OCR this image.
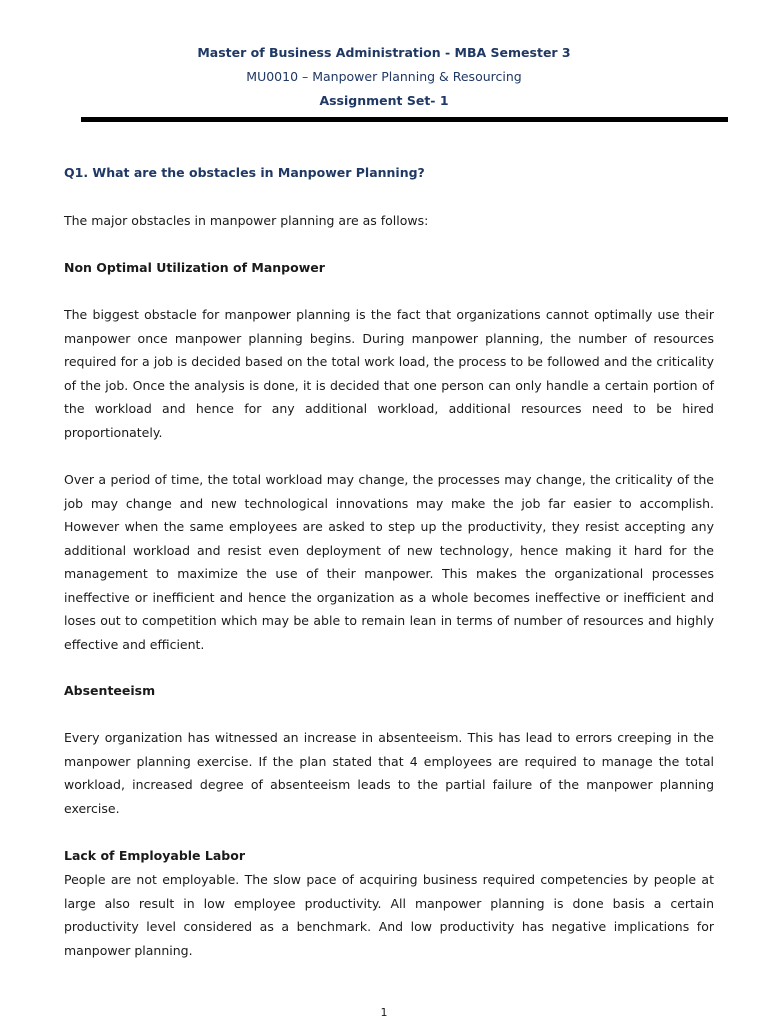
Master of Business Administration - MBA Semester 3
MU0010 – Manpower Planning & Resourcing
Assignment Set- 1
Q1. What are the obstacles in Manpower Planning?
The major obstacles in manpower planning are as follows:
Non Optimal Utilization of Manpower
The biggest obstacle for manpower planning is the fact that organizations cannot optimally use their manpower once manpower planning begins. During manpower planning, the number of resources required for a job is decided based on the total work load, the process to be followed and the criticality of the job. Once the analysis is done, it is decided that one person can only handle a certain portion of the workload and hence for any additional workload, additional resources need to be hired proportionately.
Over a period of time, the total workload may change, the processes may change, the criticality of the job may change and new technological innovations may make the job far easier to accomplish. However when the same employees are asked to step up the productivity, they resist accepting any additional workload and resist even deployment of new technology, hence making it hard for the management to maximize the use of their manpower. This makes the organizational processes ineffective or inefficient and hence the organization as a whole becomes ineffective or inefficient and loses out to competition which may be able to remain lean in terms of number of resources and highly effective and efficient.
Absenteeism
Every organization has witnessed an increase in absenteeism. This has lead to errors creeping in the manpower planning exercise. If the plan stated that 4 employees are required to manage the total workload, increased degree of absenteeism leads to the partial failure of the manpower planning exercise.
Lack of Employable Labor
People are not employable. The slow pace of acquiring business required competencies by people at large also result in low employee productivity. All manpower planning is done basis a certain productivity level considered as a benchmark. And low productivity has negative implications for manpower planning.
1
